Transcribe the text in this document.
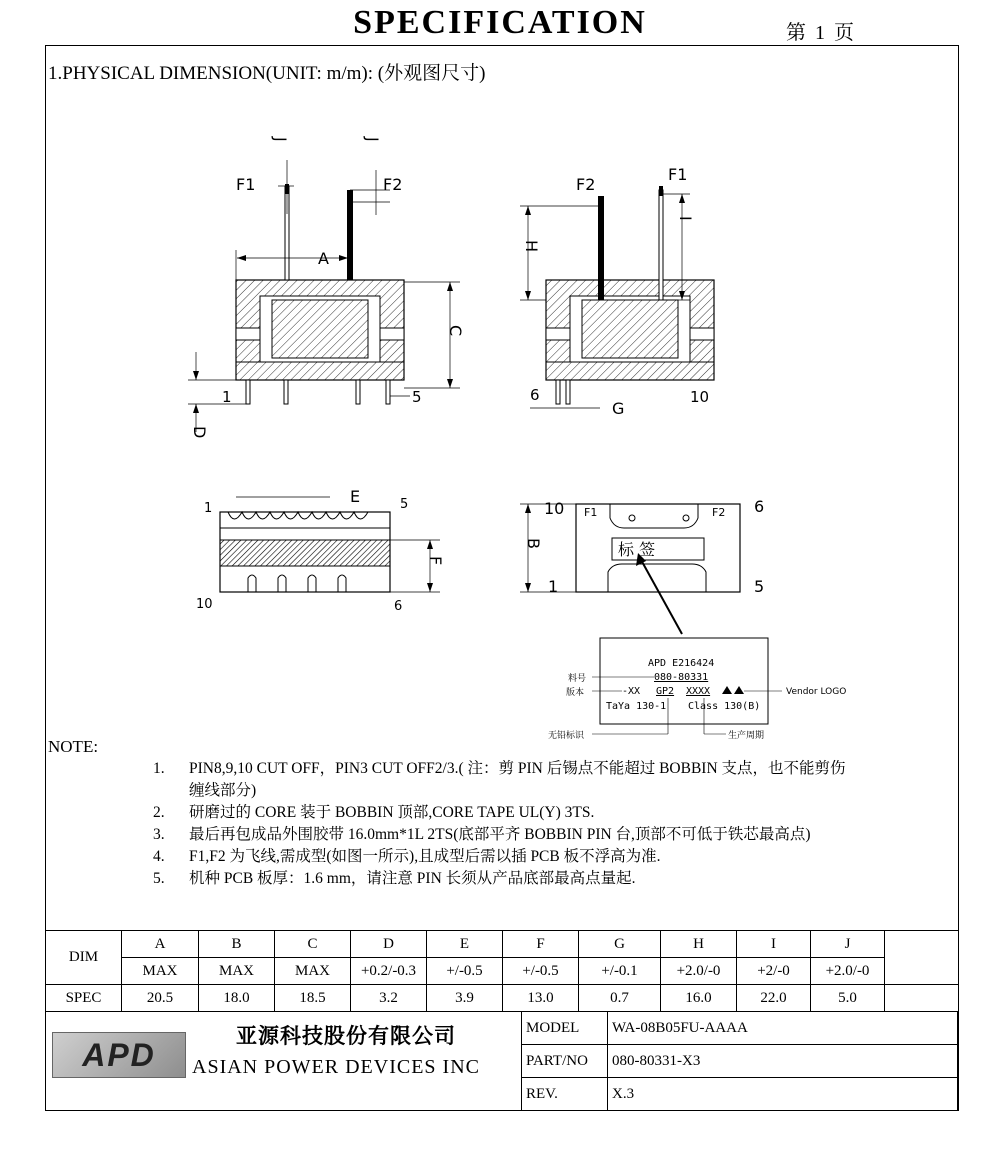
SPECIFICATION	第 1 页
1.PHYSICAL DIMENSION(UNIT: m/m): (外观图尺寸)
F1	F2
J	J
A
C
D
1	5
F2
F1
H
I
G
6	10
E
F
1	5
6
10
B
F1	F2
标 签
10	6
1	5
APD E216424
080-80331
-XX GP2 XXXX
TaYa 130-1 Class 130(B)
料号
版本	Vendor LOGO
无铅标识	生产周期
NOTE:
1. PIN8,9,10 CUT OFF，PIN3 CUT OFF2/3.( 注：剪 PIN 后锡点不能超过 BOBBIN 支点，也不能剪伤
缠线部分)
2. 研磨过的 CORE 装于 BOBBIN 顶部,CORE TAPE UL(Y) 3TS.
3. 最后再包成品外围胶带 16.0mm*1L 2TS(底部平齐 BOBBIN PIN 台,顶部不可低于铁芯最高点)
4. F1,F2 为飞线,需成型(如图一所示),且成型后需以插 PCB 板不浮高为准.
5. 机种 PCB 板厚：1.6 mm，请注意 PIN 长须从产品底部最高点量起.
DIM	A	B	C	D	E	F	G	H	I	J	
	MAX	MAX	MAX	+0.2/-0.3	+/-0.5	+/-0.5	+/-0.1	+2.0/-0	+2/-0	+2.0/-0	
SPEC	20.5	18.0	18.5	3.2	3.9	13.0	0.7	16.0	22.0	5.0	
APD
亚源科技股份有限公司
ASIAN POWER DEVICES INC
MODEL	WA-08B05FU-AAAA
PART/NO	080-80331-X3
REV.	X.3
